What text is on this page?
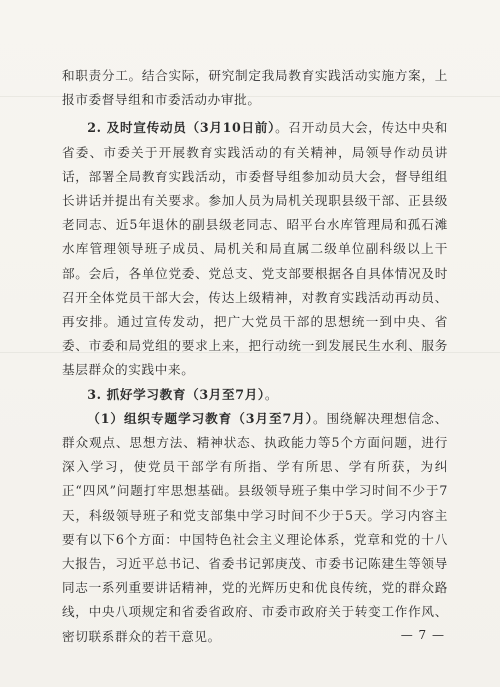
和职责分工。结合实际，研究制定我局教育实践活动实施方案，上报市委督导组和市委活动办审批。

2. 及时宣传动员（3月10日前）。召开动员大会，传达中央和省委、市委关于开展教育实践活动的有关精神，局领导作动员讲话，部署全局教育实践活动，市委督导组参加动员大会，督导组组长讲话并提出有关要求。参加人员为局机关现职县级干部、正县级老同志、近5年退休的副县级老同志、昭平台水库管理局和孤石滩水库管理领导班子成员、局机关和局直属二级单位副科级以上干部。会后，各单位党委、党总支、党支部要根据各自具体情况及时召开全体党员干部大会，传达上级精神，对教育实践活动再动员、再安排。通过宣传发动，把广大党员干部的思想统一到中央、省委、市委和局党组的要求上来，把行动统一到发展民生水利、服务基层群众的实践中来。

3. 抓好学习教育（3月至7月）。

（1）组织专题学习教育（3月至7月）。围绕解决理想信念、群众观点、思想方法、精神状态、执政能力等5个方面问题，进行深入学习，使党员干部学有所指、学有所思、学有所获，为纠正“四风”问题打牢思想基础。县级领导班子集中学习时间不少于7天，科级领导班子和党支部集中学习时间不少于5天。学习内容主要有以下6个方面：中国特色社会主义理论体系，党章和党的十八大报告，习近平总书记、省委书记郭庚茂、市委书记陈建生等领导同志一系列重要讲话精神，党的光辉历史和优良传统，党的群众路线，中央八项规定和省委省政府、市委市政府关于转变工作作风、密切联系群众的若干意见。	— 7 —
